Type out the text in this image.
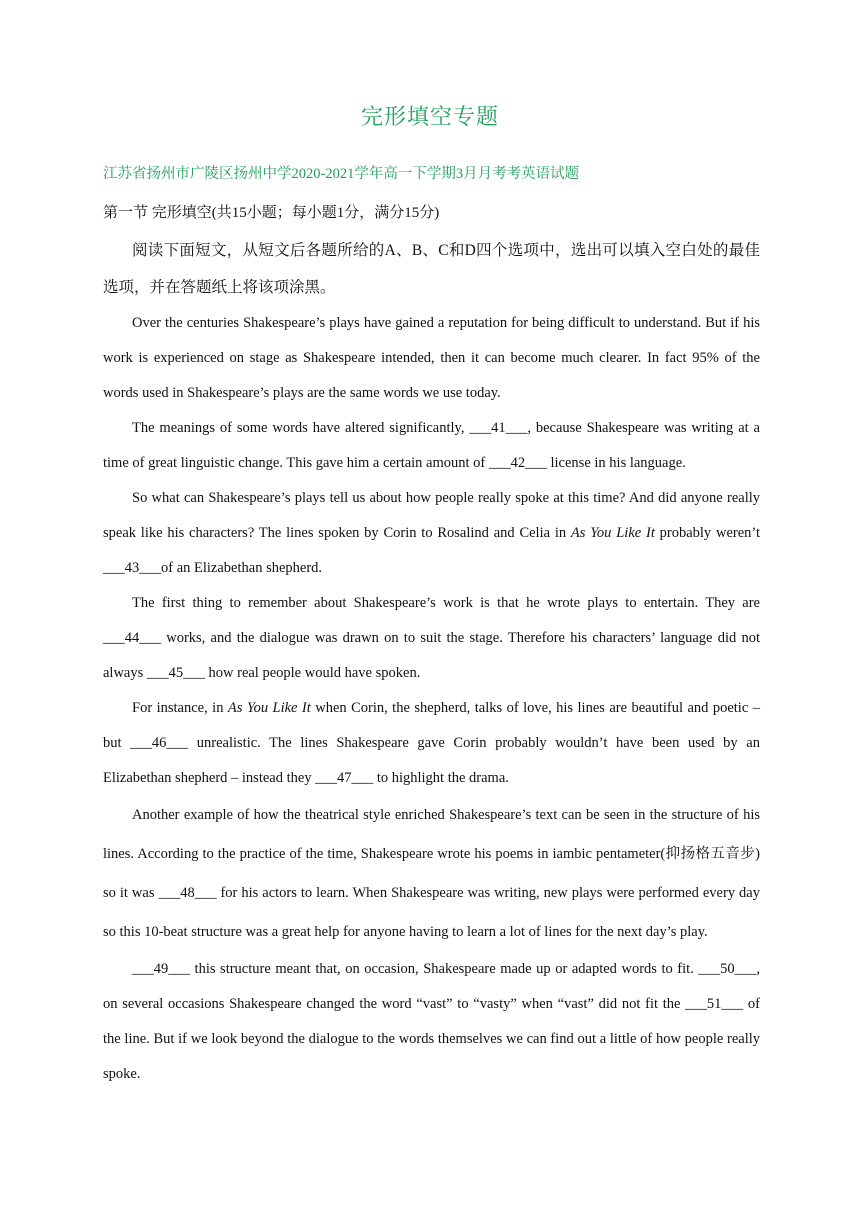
完形填空专题
江苏省扬州市广陵区扬州中学2020-2021学年高一下学期3月月考考英语试题
第一节 完形填空(共15小题；每小题1分，满分15分)

阅读下面短文，从短文后各题所给的A、B、C和D四个选项中，选出可以填入空白处的最佳选项，并在答题纸上将该项涂黑。

Over the centuries Shakespeare’s plays have gained a reputation for being difficult to understand. But if his work is experienced on stage as Shakespeare intended, then it can become much clearer. In fact 95% of the words used in Shakespeare’s plays are the same words we use today.

The meanings of some words have altered significantly, ___41___, because Shakespeare was writing at a time of great linguistic change. This gave him a certain amount of ___42___ license in his language.

So what can Shakespeare’s plays tell us about how people really spoke at this time? And did anyone really speak like his characters? The lines spoken by Corin to Rosalind and Celia in As You Like It probably weren’t ___43___of an Elizabethan shepherd.

The first thing to remember about Shakespeare’s work is that he wrote plays to entertain. They are ___44___ works, and the dialogue was drawn on to suit the stage. Therefore his characters’ language did not always ___45___ how real people would have spoken.

For instance, in As You Like It when Corin, the shepherd, talks of love, his lines are beautiful and poetic – but ___46___ unrealistic. The lines Shakespeare gave Corin probably wouldn’t have been used by an Elizabethan shepherd – instead they ___47___ to highlight the drama.

Another example of how the theatrical style enriched Shakespeare’s text can be seen in the structure of his lines. According to the practice of the time, Shakespeare wrote his poems in iambic pentameter(抑扬格五音步) so it was ___48___ for his actors to learn. When Shakespeare was writing, new plays were performed every day so this 10-beat structure was a great help for anyone having to learn a lot of lines for the next day’s play.

___49___ this structure meant that, on occasion, Shakespeare made up or adapted words to fit. ___50___, on several occasions Shakespeare changed the word “vast” to “vasty” when “vast” did not fit the ___51___ of the line. But if we look beyond the dialogue to the words themselves we can find out a little of how people really spoke.
